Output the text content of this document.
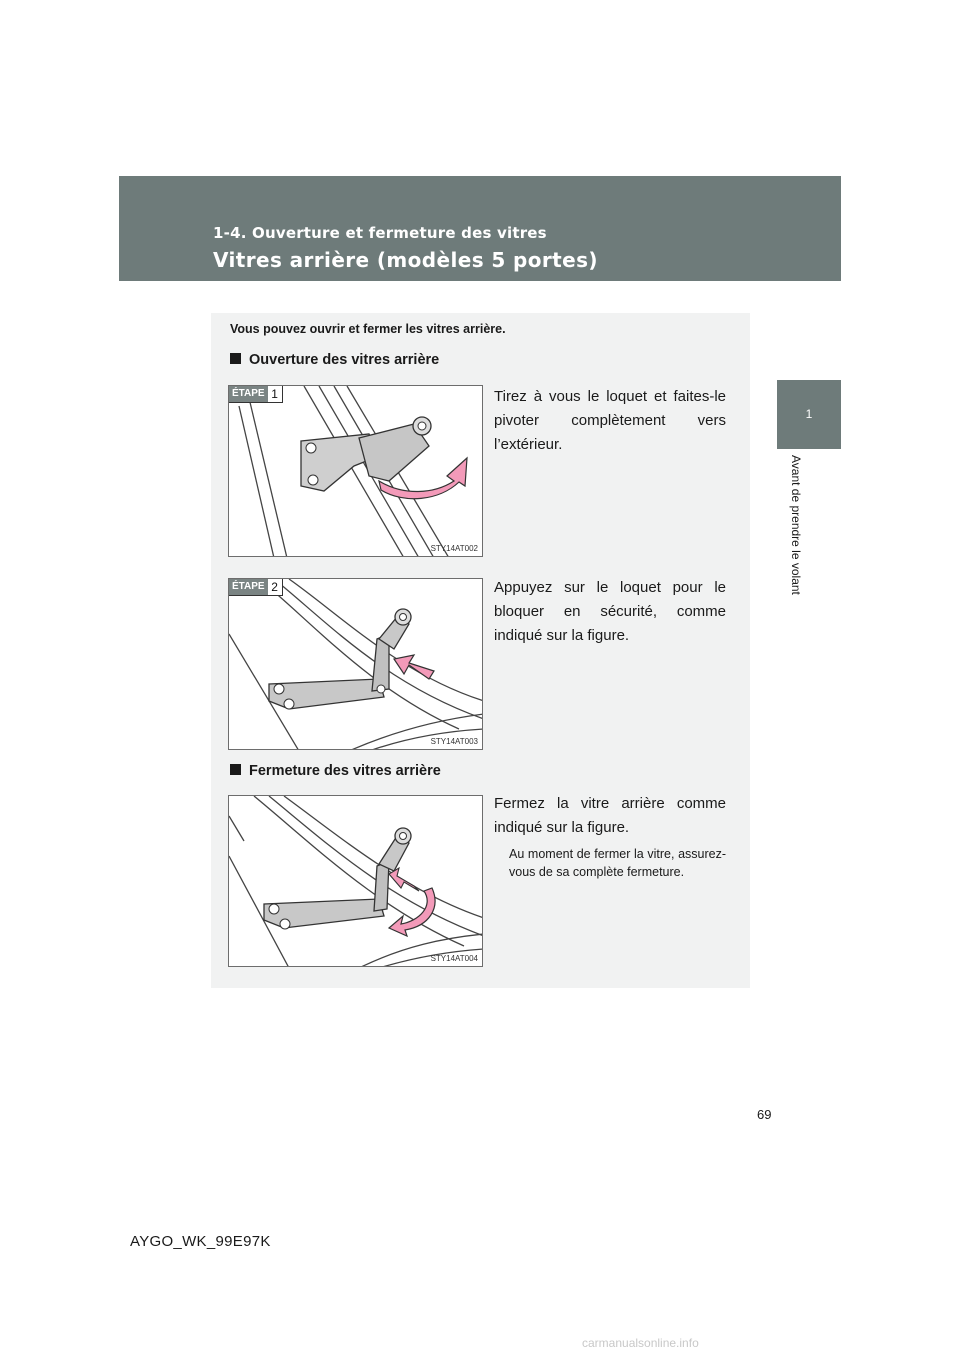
1-4. Ouverture et fermeture des vitres
Vitres arrière (modèles 5 portes)
1
Avant de prendre le volant
Vous pouvez ouvrir et fermer les vitres arrière.
Ouverture des vitres arrière
ÉTAPE 1
STY14AT002
Tirez à vous le loquet et faites-le pivoter complètement vers l’extérieur.
ÉTAPE 2
STY14AT003
Appuyez sur le loquet pour le bloquer en sécurité, comme indiqué sur la figure.
Fermeture des vitres arrière
STY14AT004
Fermez la vitre arrière comme indiqué sur la figure.
Au moment de fermer la vitre, assurez-vous de sa complète fermeture.
69
AYGO_WK_99E97K
carmanualsonline.info
